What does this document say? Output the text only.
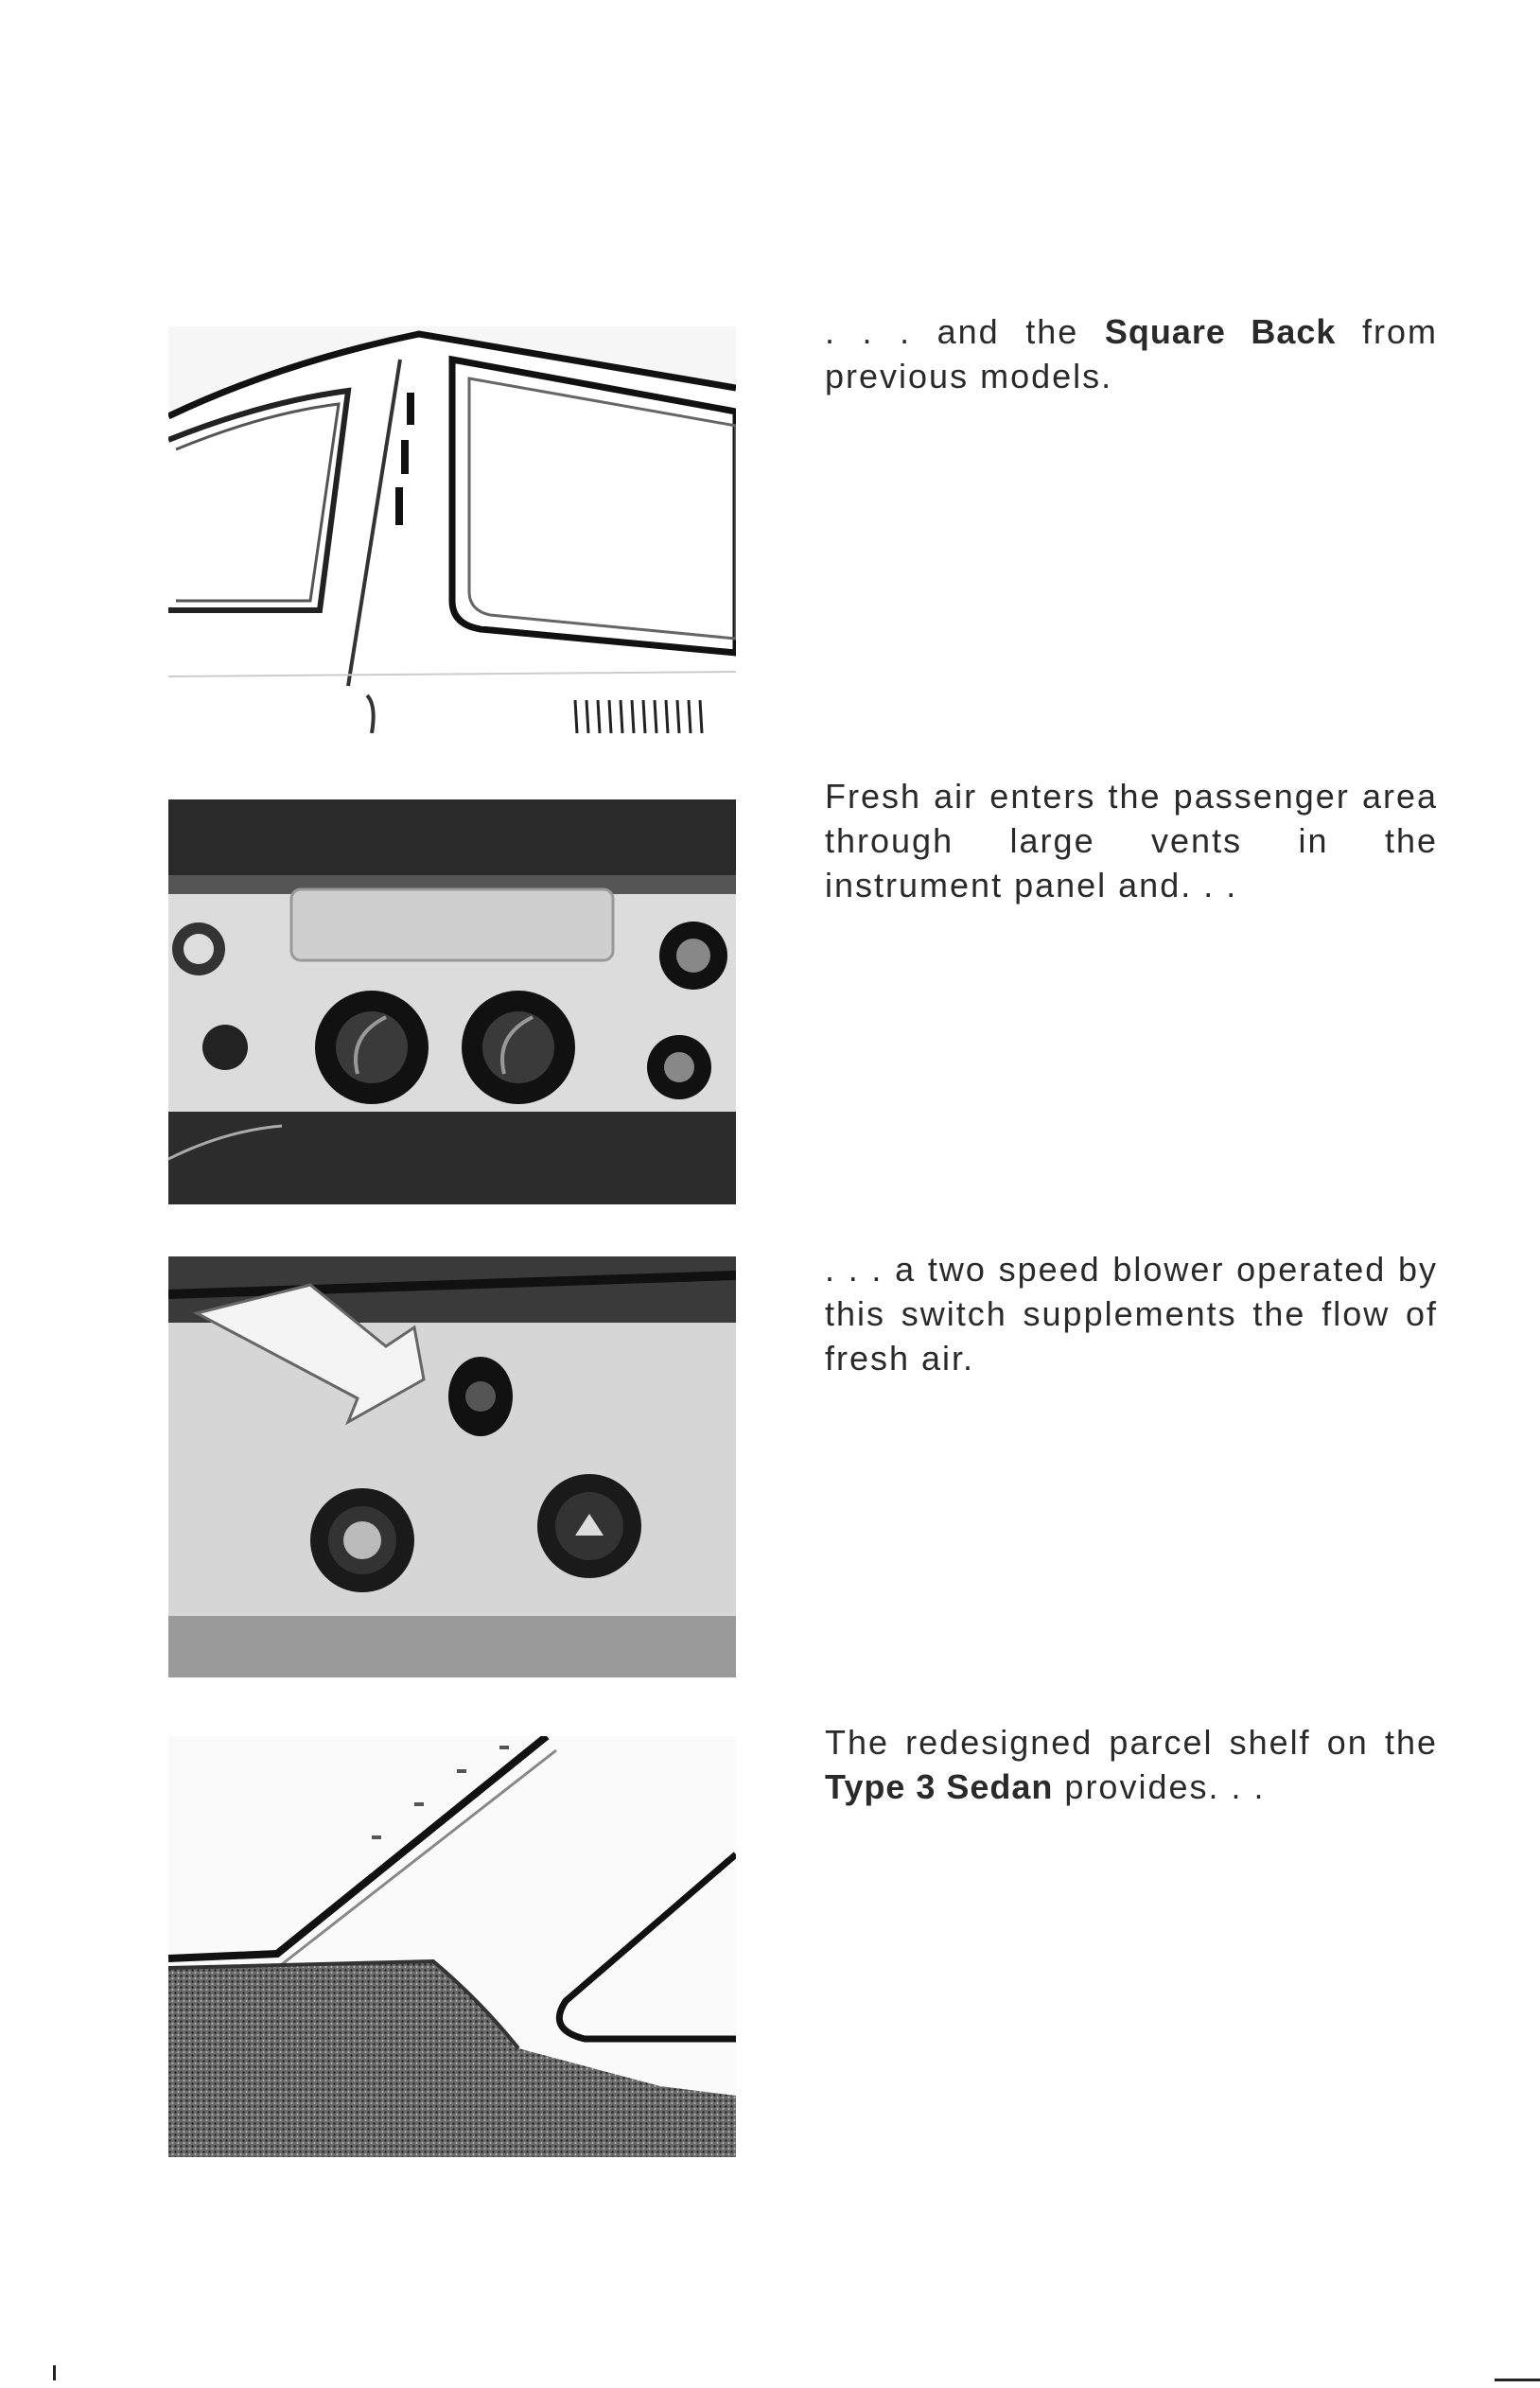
. . . and the Square Back from previous models.
Fresh air enters the passenger area through large vents in the instrument panel and. . .
. . . a two speed blower operated by this switch supplements the flow of fresh air.
The redesigned parcel shelf on the Type 3 Sedan provides. . .
